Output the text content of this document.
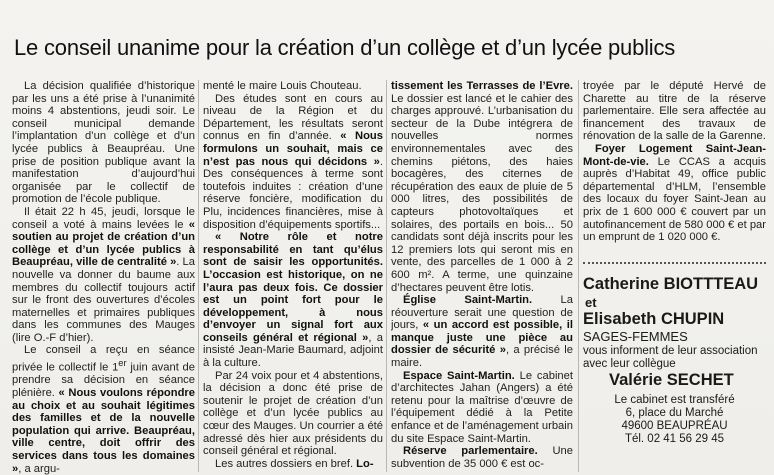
Le conseil unanime pour la création d’un collège et d’un lycée publics

La décision qualifiée d’historique par les uns a été prise à l’unanimité moins 4 abstentions, jeudi soir. Le conseil municipal demande l’implantation d’un collège et d’un lycée publics à Beaupréau. Une prise de position publique avant la manifestation d’aujourd’hui organisée par le collectif de promotion de l’école publique.

Il était 22 h 45, jeudi, lorsque le conseil a voté à mains levées le « soutien au projet de création d’un collège et d’un lycée publics à Beaupréau, ville de centralité ». La nouvelle va donner du baume aux membres du collectif toujours actif sur le front des ouvertures d’écoles maternelles et primaires publiques dans les communes des Mauges (lire O.-F d’hier).

Le conseil a reçu en séance privée le collectif le 1er juin avant de prendre sa décision en séance plénière. « Nous voulons répondre au choix et au souhait légitimes des familles et de la nouvelle population qui arrive. Beaupréau, ville centre, doit offrir des services dans tous les domaines », a argu-

menté le maire Louis Chouteau.

Des études sont en cours au niveau de la Région et du Département, les résultats seront connus en fin d’année. « Nous formulons un souhait, mais ce n’est pas nous qui décidons ». Des conséquences à terme sont toutefois induites : création d’une réserve foncière, modification du Plu, incidences financières, mise à disposition d’équipements sportifs...

« Notre rôle et notre responsabilité en tant qu’élus sont de saisir les opportunités. L’occasion est historique, on ne l’aura pas deux fois. Ce dossier est un point fort pour le développement, à nous d’envoyer un signal fort aux conseils général et régional », a insisté Jean-Marie Baumard, adjoint à la culture.

Par 24 voix pour et 4 abstentions, la décision a donc été prise de soutenir le projet de création d’un collège et d’un lycée publics au cœur des Mauges. Un courrier a été adressé dès hier aux présidents du conseil général et régional.

Les autres dossiers en bref. Lo-

tissement les Terrasses de l’Evre. Le dossier est lancé et le cahier des charges approuvé. L’urbanisation du secteur de la Dube intégrera de nouvelles normes environnementales avec des chemins piétons, des haies bocagères, des citernes de récupération des eaux de pluie de 5 000 litres, des possibilités de capteurs photovoltaïques et solaires, des portails en bois... 50 candidats sont déjà inscrits pour les 12 premiers lots qui seront mis en vente, des parcelles de 1 000 à 2 600 m². A terme, une quinzaine d’hectares peuvent être lotis.

Église Saint-Martin. La réouverture serait une question de jours, « un accord est possible, il manque juste une pièce au dossier de sécurité », a précisé le maire.

Espace Saint-Martin. Le cabinet d’architectes Jahan (Angers) a été retenu pour la maîtrise d’œuvre de l’équipement dédié à la Petite enfance et de l’aménagement urbain du site Espace Saint-Martin.

Réserve parlementaire. Une subvention de 35 000 € est oc-

troyée par le député Hervé de Charette au titre de la réserve parlementaire. Elle sera affectée au financement des travaux de rénovation de la salle de la Garenne.

Foyer Logement Saint-Jean-Mont-de-vie. Le CCAS a acquis auprès d’Habitat 49, office public départemental d’HLM, l’ensemble des locaux du foyer Saint-Jean au prix de 1 600 000 € couvert par un autofinancement de 580 000 € et par un emprunt de 1 020 000 €.

Catherine BIOTTTEAU
et
Elisabeth CHUPIN
SAGES-FEMMES
vous informent de leur association avec leur collègue
Valérie SECHET
Le cabinet est transféré
6, place du Marché
49600 BEAUPRÉAU
Tél. 02 41 56 29 45
